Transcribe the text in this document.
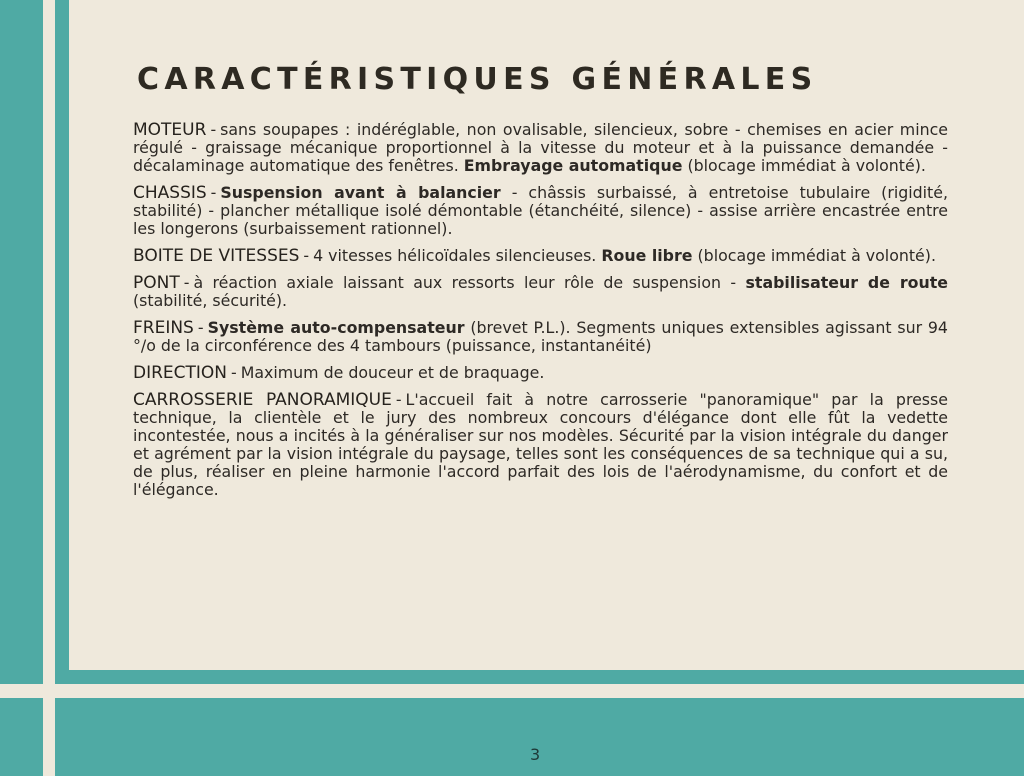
CARACTÉRISTIQUES GÉNÉRALES

MOTEUR - sans soupapes : indéréglable, non ovalisable, silencieux, sobre - chemises en acier mince régulé - graissage mécanique proportionnel à la vitesse du moteur et à la puissance demandée - décalaminage automatique des fenêtres. Embrayage automatique (blocage immédiat à volonté).

CHASSIS - Suspension avant à balancier - châssis surbaissé, à entretoise tubulaire (rigidité, stabilité) - plancher métallique isolé démontable (étanchéité, silence) - assise arrière encastrée entre les longerons (surbaissement rationnel).

BOITE DE VITESSES - 4 vitesses hélicoïdales silencieuses. Roue libre (blocage immédiat à volonté).

PONT - à réaction axiale laissant aux ressorts leur rôle de suspension - stabilisateur de route (stabilité, sécurité).

FREINS - Système auto-compensateur (brevet P.L.). Segments uniques extensibles agissant sur 94 °/o de la circonférence des 4 tambours (puissance, instantanéité)

DIRECTION - Maximum de douceur et de braquage.

CARROSSERIE PANORAMIQUE - L'accueil fait à notre carrosserie "panoramique" par la presse technique, la clientèle et le jury des nombreux concours d'élégance dont elle fût la vedette incontestée, nous a incités à la généraliser sur nos modèles. Sécurité par la vision intégrale du danger et agrément par la vision intégrale du paysage, telles sont les conséquences de sa technique qui a su, de plus, réaliser en pleine harmonie l'accord parfait des lois de l'aérodynamisme, du confort et de l'élégance.

3
